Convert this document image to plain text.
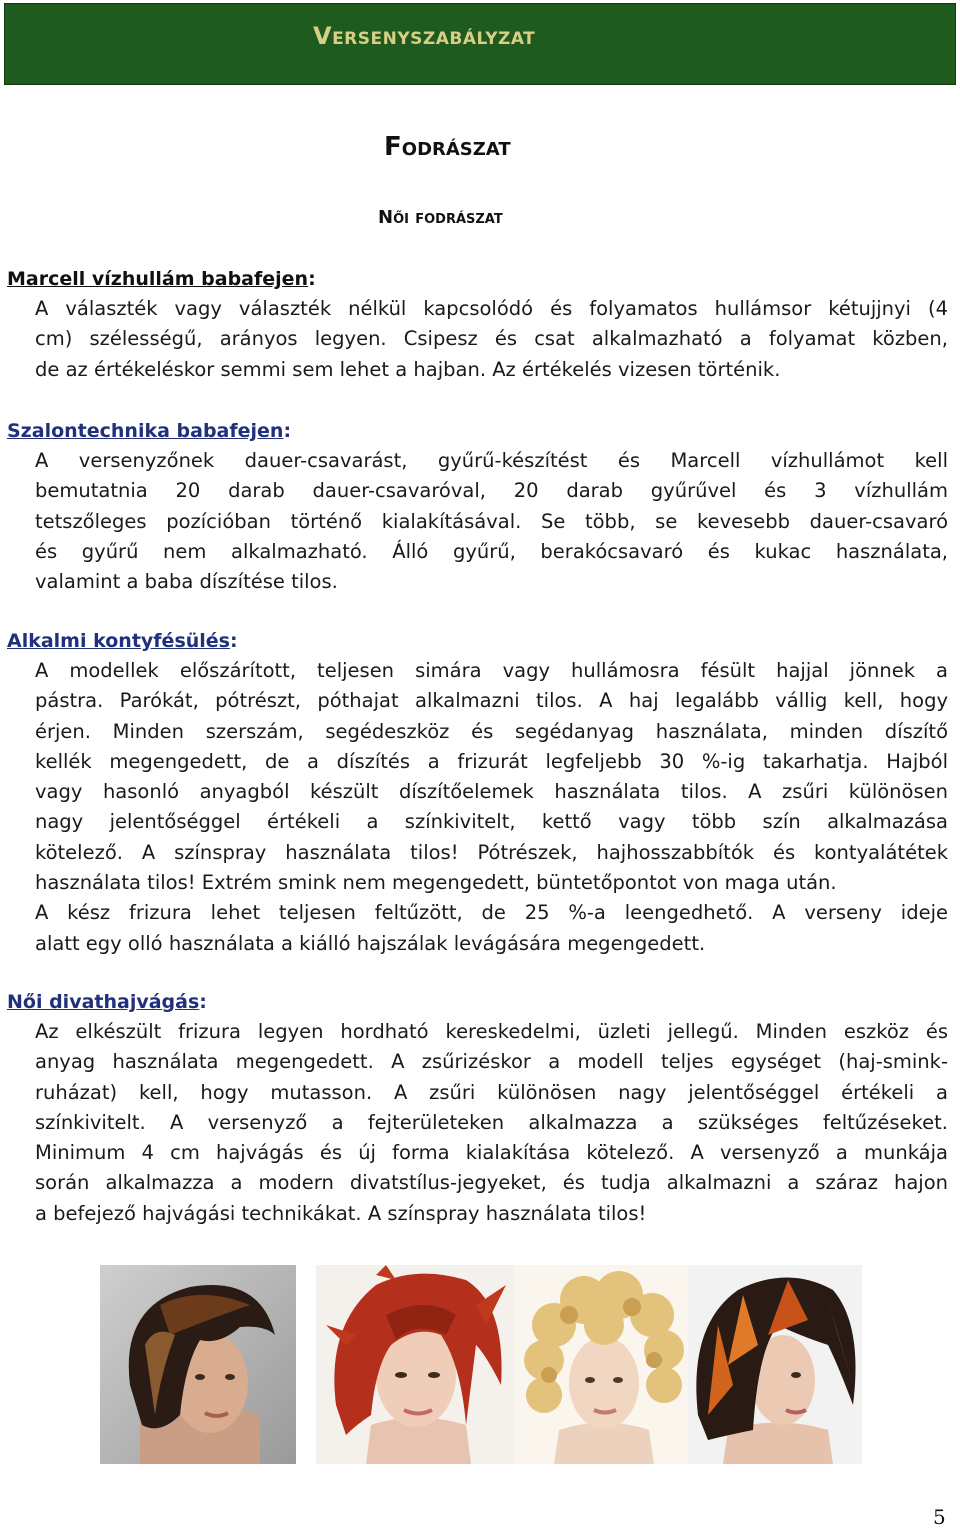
Versenyszabályzat
Fodrászat
Női fodrászat
Marcell vízhullám babafejen:
A választék vagy választék nélkül kapcsolódó és folyamatos hullámsor kétujjnyi (4
cm) szélességű, arányos legyen. Csipesz és csat alkalmazható a folyamat közben,
de az értékeléskor semmi sem lehet a hajban. Az értékelés vizesen történik.
Szalontechnika babafejen:
A versenyzőnek dauer-csavarást, gyűrű-készítést és Marcell vízhullámot kell
bemutatnia 20 darab dauer-csavaróval, 20 darab gyűrűvel és 3 vízhullám
tetszőleges pozícióban történő kialakításával. Se több, se kevesebb dauer-csavaró
és gyűrű nem alkalmazható. Álló gyűrű, berakócsavaró és kukac használata,
valamint a baba díszítése tilos.
Alkalmi kontyfésülés:
A modellek előszárított, teljesen simára vagy hullámosra fésült hajjal jönnek a
pástra. Parókát, pótrészt, póthajat alkalmazni tilos. A haj legalább vállig kell, hogy
érjen. Minden szerszám, segédeszköz és segédanyag használata, minden díszítő
kellék megengedett, de a díszítés a frizurát legfeljebb 30 %-ig takarhatja. Hajból
vagy hasonló anyagból készült díszítőelemek használata tilos. A zsűri különösen
nagy jelentőséggel értékeli a színkivitelt, kettő vagy több szín alkalmazása
kötelező. A színspray használata tilos! Pótrészek, hajhosszabbítók és kontyalátétek
használata tilos! Extrém smink nem megengedett, büntetőpontot von maga után.
A kész frizura lehet teljesen feltűzött, de 25 %-a leengedhető. A verseny ideje
alatt egy olló használata a kiálló hajszálak levágására megengedett.
Női divathajvágás:
Az elkészült frizura legyen hordható kereskedelmi, üzleti jellegű. Minden eszköz és
anyag használata megengedett. A zsűrizéskor a modell teljes egységet (haj-smink-
ruházat) kell, hogy mutasson. A zsűri különösen nagy jelentőséggel értékeli a
színkivitelt. A versenyző a fejterületeken alkalmazza a szükséges feltűzéseket.
Minimum 4 cm hajvágás és új forma kialakítása kötelező. A versenyző a munkája
során alkalmazza a modern divatstílus-jegyeket, és tudja alkalmazni a száraz hajon
a befejező hajvágási technikákat. A színspray használata tilos!
5
